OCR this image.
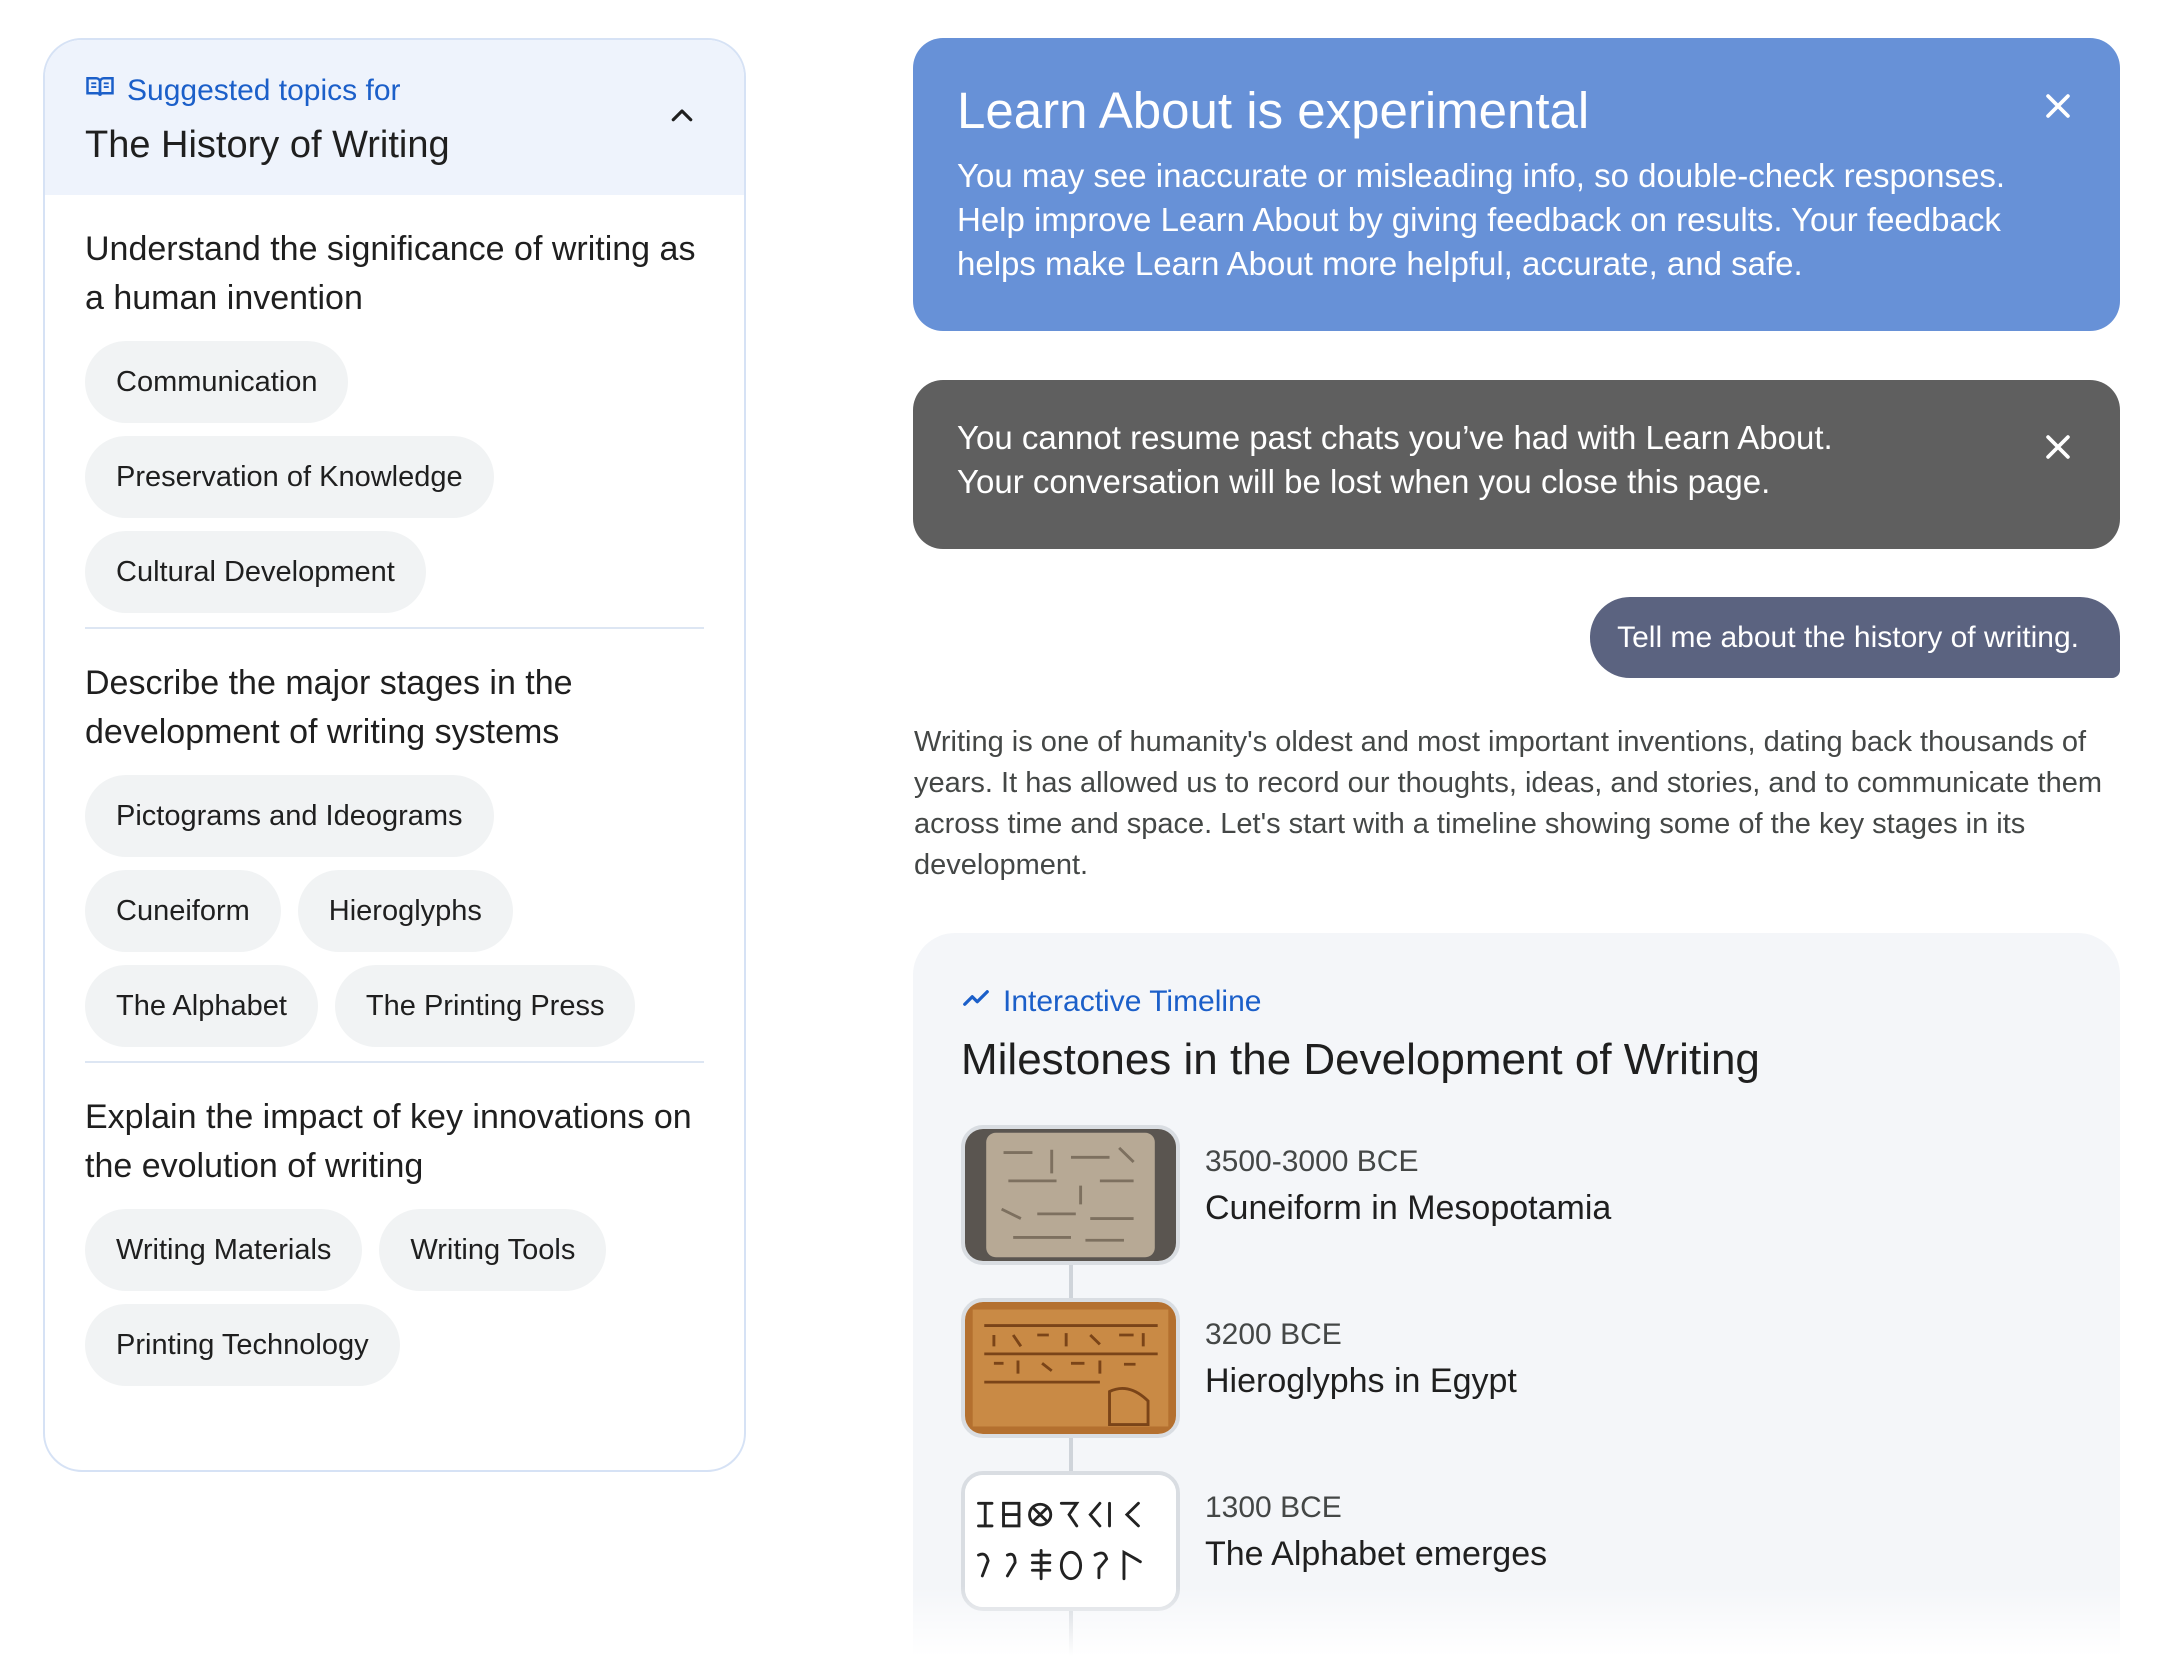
Suggested topics for
The History of Writing
Understand the significance of writing as a human invention
Communication
Preservation of Knowledge
Cultural Development
Describe the major stages in the development of writing systems
Pictograms and Ideograms
Cuneiform	Hieroglyphs
The Alphabet	The Printing Press
Explain the impact of key innovations on the evolution of writing
Writing Materials	Writing Tools
Printing Technology
Learn About is experimental
You may see inaccurate or misleading info, so double-check responses. Help improve Learn About by giving feedback on results. Your feedback helps make Learn About more helpful, accurate, and safe.
You cannot resume past chats you’ve had with Learn About.
Your conversation will be lost when you close this page.
Tell me about the history of writing.
Writing is one of humanity's oldest and most important inventions, dating back thousands of years. It has allowed us to record our thoughts, ideas, and stories, and to communicate them across time and space. Let's start with a timeline showing some of the key stages in its development.
Interactive Timeline
Milestones in the Development of Writing
3500-3000 BCE
Cuneiform in Mesopotamia
3200 BCE
Hieroglyphs in Egypt
1300 BCE
The Alphabet emerges
